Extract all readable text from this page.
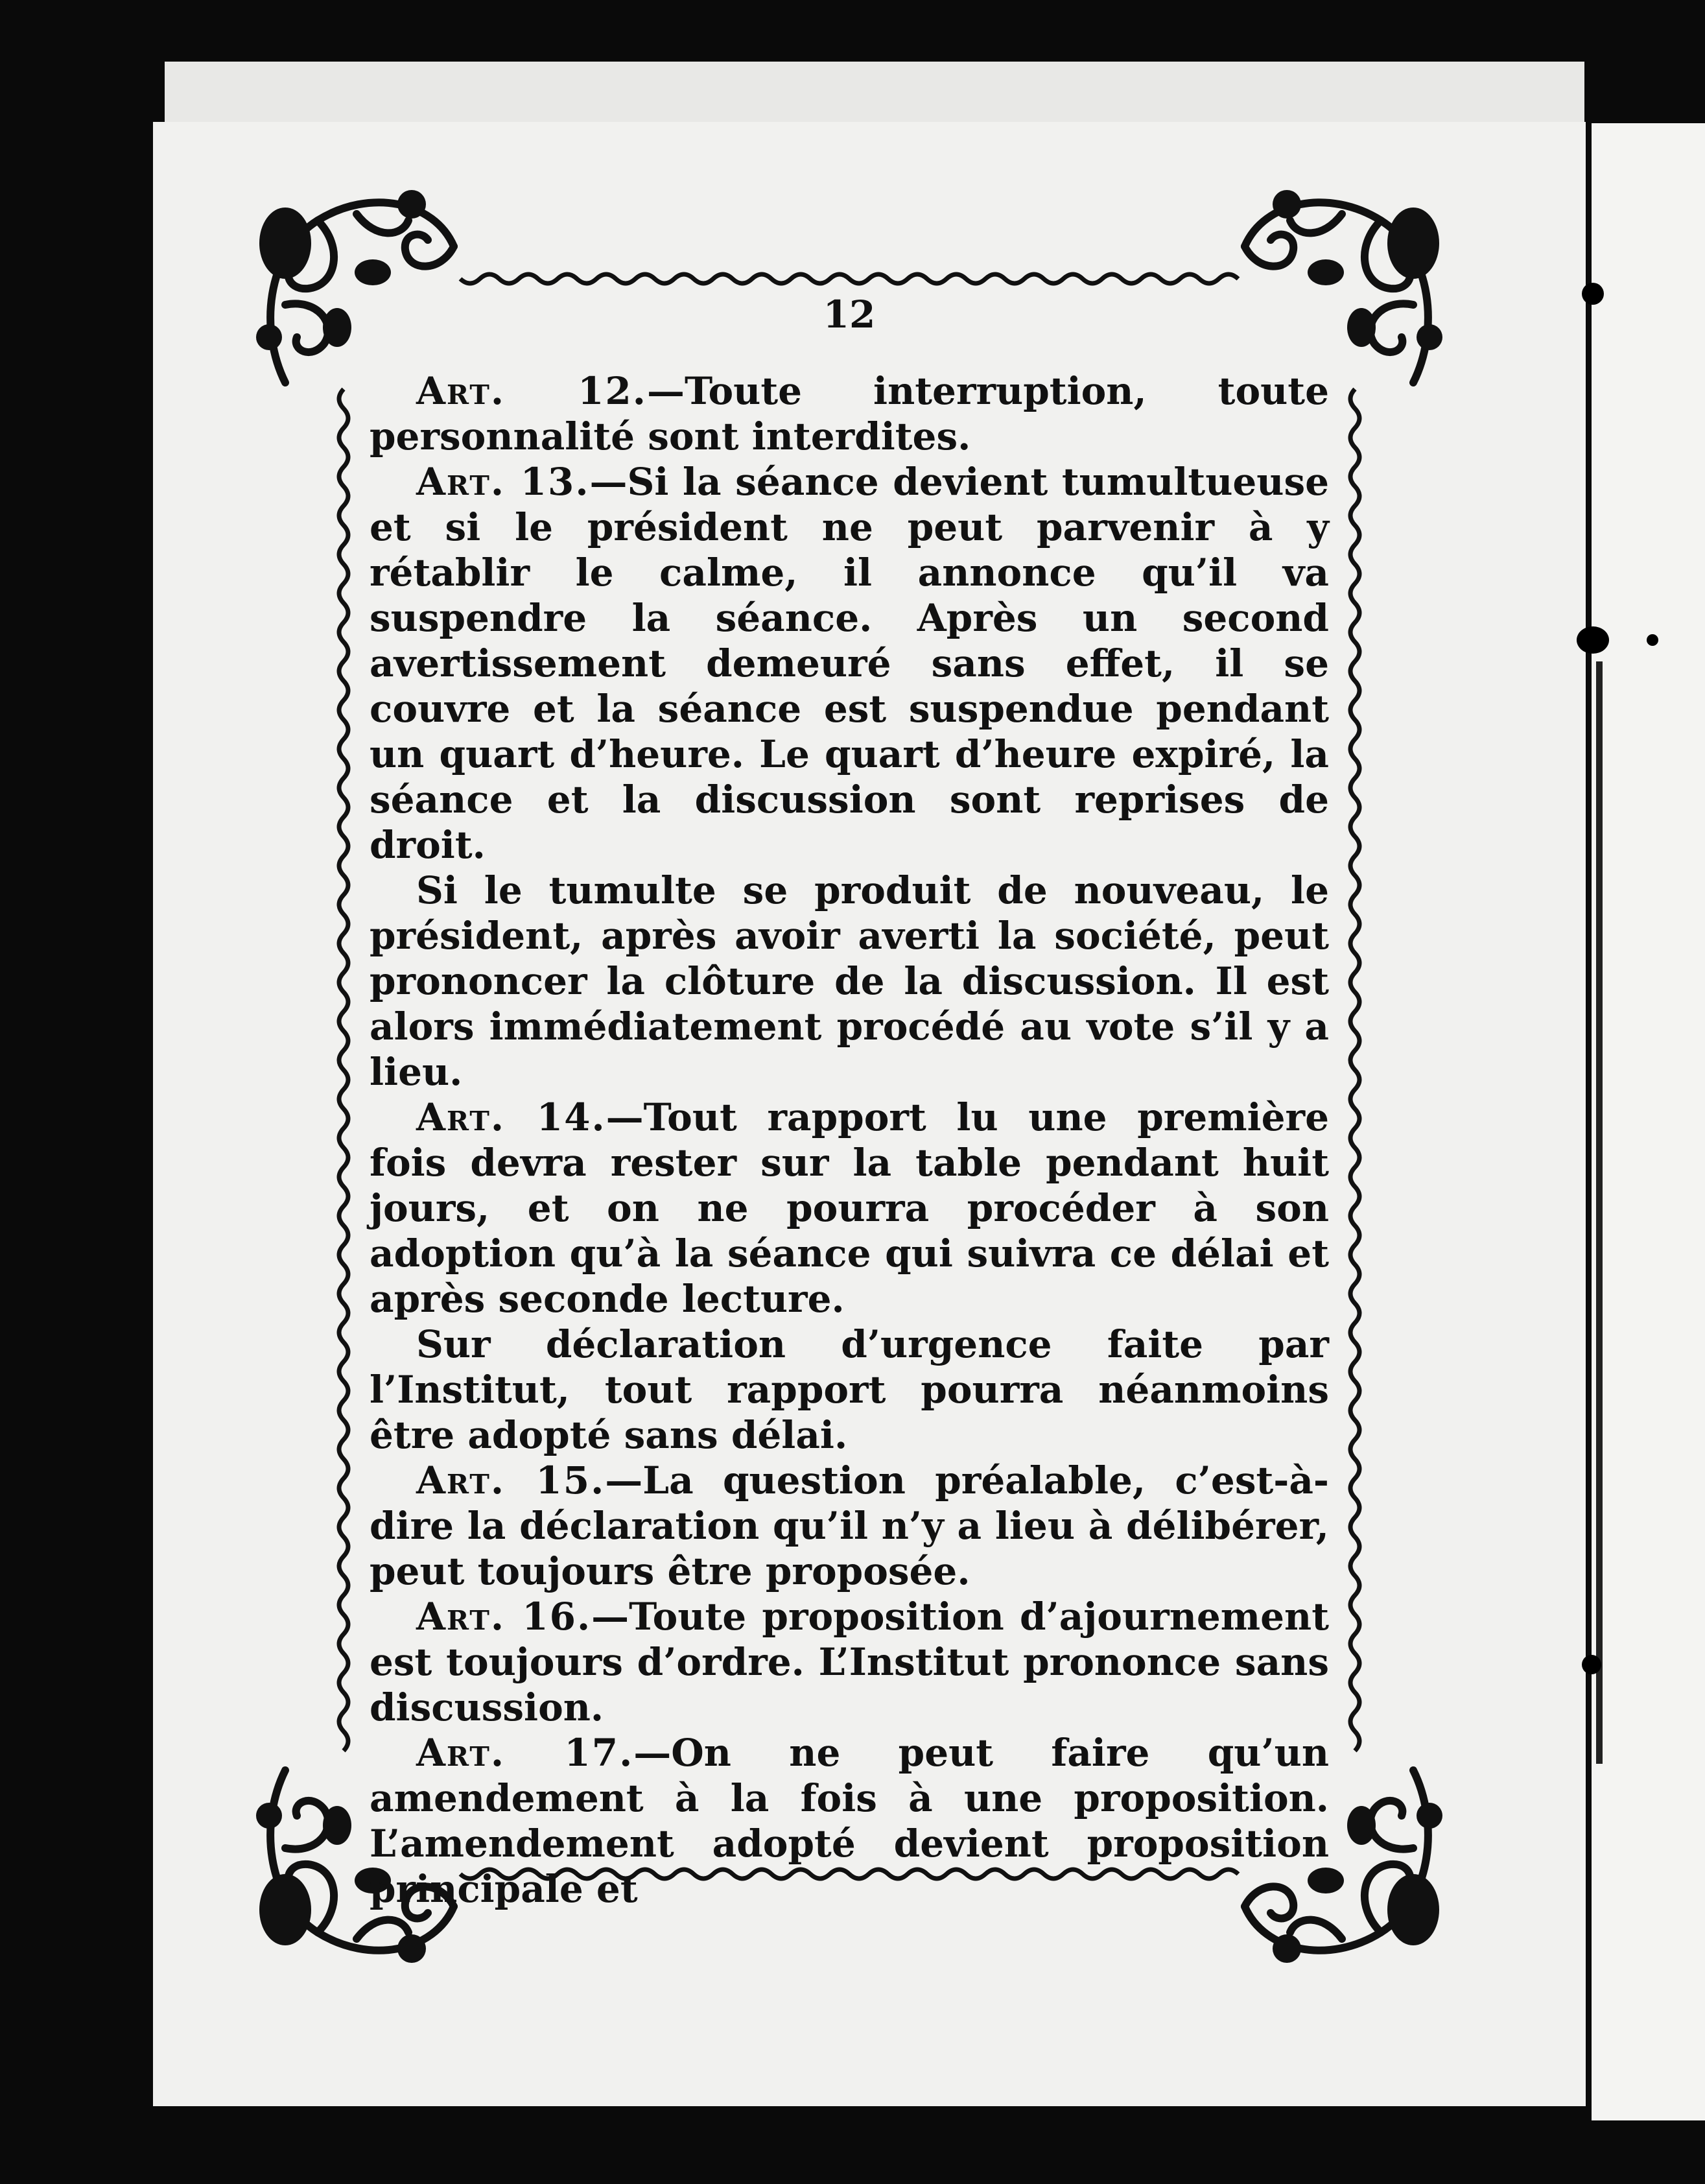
12

Art. 12.—Toute interruption, toute personnalité sont interdites.

Art. 13.—Si la séance devient tumultueuse et si le président ne peut parvenir à y rétablir le calme, il annonce qu’il va suspendre la séance. Après un second avertissement demeuré sans effet, il se couvre et la séance est suspendue pendant un quart d’heure. Le quart d’heure expiré, la séance et la discussion sont reprises de droit.

Si le tumulte se produit de nouveau, le président, après avoir averti la société, peut prononcer la clôture de la discussion. Il est alors immédiatement procédé au vote s’il y a lieu.

Art. 14.—Tout rapport lu une première fois devra rester sur la table pendant huit jours, et on ne pourra procéder à son adoption qu’à la séance qui suivra ce délai et après seconde lecture.

Sur déclaration d’urgence faite par l’Institut, tout rapport pourra néanmoins être adopté sans délai.

Art. 15.—La question préalable, c’est-à-dire la déclaration qu’il n’y a lieu à délibérer, peut toujours être proposée.

Art. 16.—Toute proposition d’ajournement est toujours d’ordre. L’Institut prononce sans discussion.

Art. 17.—On ne peut faire qu’un amendement à la fois à une proposition. L’amendement adopté devient proposition principale et
